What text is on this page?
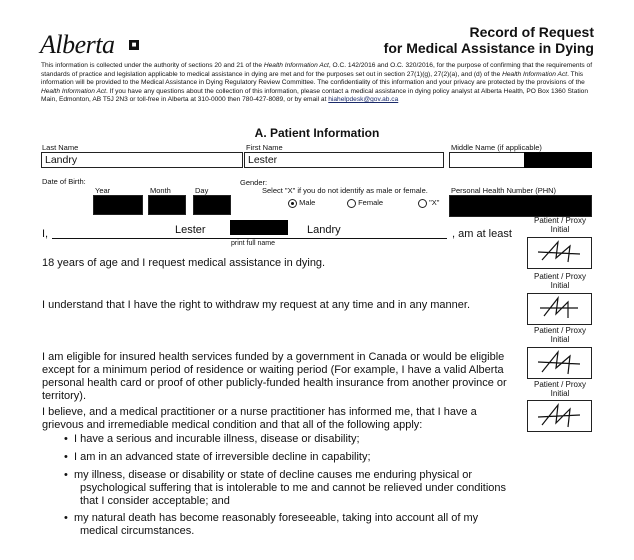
Alberta	■
Record of Request
for Medical Assistance in Dying
This information is collected under the authority of sections 20 and 21 of the Health Information Act, O.C. 142/2016 and O.C. 320/2016, for the purpose of confirming that the requirements of standards of practice and legislation applicable to medical assistance in dying are met and for the purposes set out in section 27(1)(g), 27(2)(a), and (d) of the Health Information Act. This information will be provided to the Medical Assistance in Dying Regulatory Review Committee. The confidentiality of this information and your privacy are protected by the provisions of the Health Information Act. If you have any questions about the collection of this information, please contact a medical assistance in dying policy analyst at Alberta Health, PO Box 1360 Station Main, Edmonton, AB T5J 2N3 or toll-free in Alberta at 310-0000 then 780-427-8089, or by email at hiahelpdesk@gov.ab.ca
A. Patient Information
Last Name
Landry
First Name
Lester
Middle Name (if applicable)
Date of Birth:
Year	Month	Day
Gender:
Select "X" if you do not identify as male or female.
Male	Female	"X"
Personal Health Number (PHN)
I,	Lester	Landry	, am at least
print full name
18 years of age and I request medical assistance in dying.
I understand that I have the right to withdraw my request at any time and in any manner.
I am eligible for insured health services funded by a government in Canada or would be eligible except for a minimum period of residence or waiting period (For example, I have a valid Alberta personal health card or proof of other publicly-funded health insurance from another province or territory).
I believe, and a medical practitioner or a nurse practitioner has informed me, that I have a grievous and irremediable medical condition and that all of the following apply:
•  I have a serious and incurable illness, disease or disability;
•  I am in an advanced state of irreversible decline in capability;
•  my illness, disease or disability or state of decline causes me enduring physical or psychological suffering that is intolerable to me and cannot be relieved under conditions that I consider acceptable; and
•  my natural death has become reasonably foreseeable, taking into account all of my medical circumstances.
Patient / Proxy
Initial
Patient / Proxy
Initial
Patient / Proxy
Initial
Patient / Proxy
Initial
